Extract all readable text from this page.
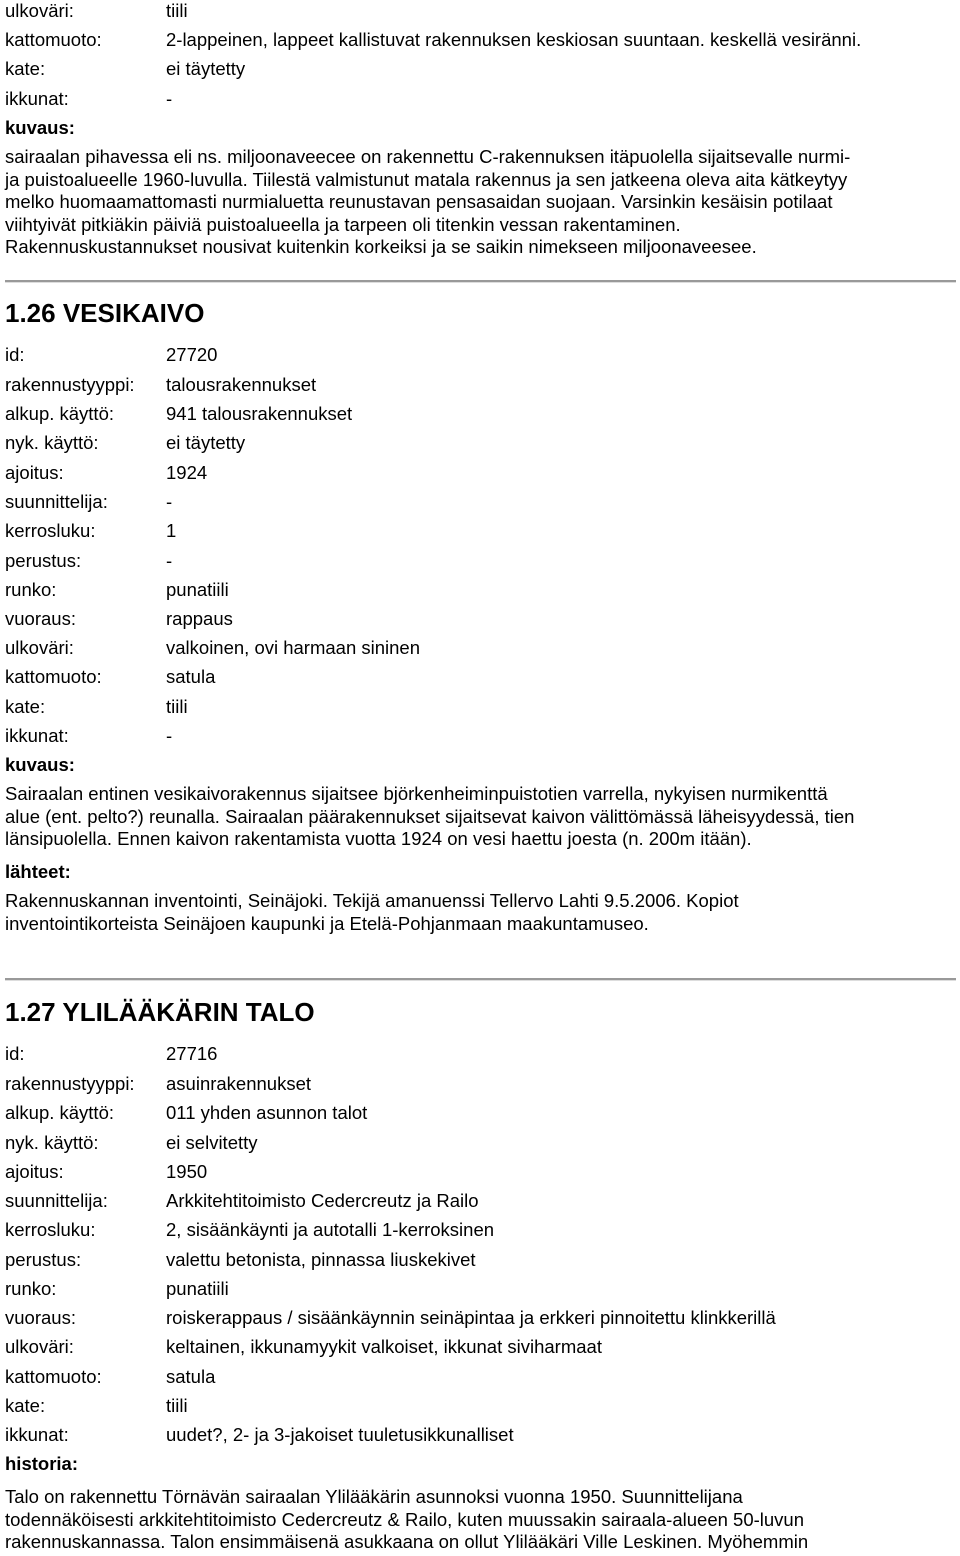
ulkoväri:	tiili
kattomuoto:	2-lappeinen, lappeet kallistuvat rakennuksen keskiosan suuntaan. keskellä vesiränni.
kate:	ei täytetty
ikkunat:	-
kuvaus:
sairaalan pihavessa eli ns. miljoonaveecee on rakennettu C-rakennuksen itäpuolella sijaitsevalle nurmi-
ja puistoalueelle 1960-luvulla. Tiilestä valmistunut matala rakennus ja sen jatkeena oleva aita kätkeytyy
melko huomaamattomasti nurmialuetta reunustavan pensasaidan suojaan. Varsinkin kesäisin potilaat
viihtyivät pitkiäkin päiviä puistoalueella ja tarpeen oli titenkin vessan rakentaminen.
Rakennuskustannukset nousivat kuitenkin korkeiksi ja se saikin nimekseen miljoonaveesee.
1.26 VESIKAIVO
id:	27720
rakennustyyppi: talousrakennukset
alkup. käyttö:	941 talousrakennukset
nyk. käyttö:	ei täytetty
ajoitus:	1924
suunnittelija:	-
kerrosluku:	1
perustus:	-
runko:	punatiili
vuoraus:	rappaus
ulkoväri:	valkoinen, ovi harmaan sininen
kattomuoto:	satula
kate:	tiili
ikkunat:	-
kuvaus:
Sairaalan entinen vesikaivorakennus sijaitsee björkenheiminpuistotien varrella, nykyisen nurmikenttä
alue (ent. pelto?) reunalla. Sairaalan päärakennukset sijaitsevat kaivon välittömässä läheisyydessä, tien
länsipuolella. Ennen kaivon rakentamista vuotta 1924 on vesi haettu joesta (n. 200m itään).
lähteet:
Rakennuskannan inventointi, Seinäjoki. Tekijä amanuenssi Tellervo Lahti 9.5.2006. Kopiot
inventointikorteista Seinäjoen kaupunki ja Etelä-Pohjanmaan maakuntamuseo.
1.27 YLILÄÄKÄRIN TALO
id:	27716
rakennustyyppi: asuinrakennukset
alkup. käyttö:	011 yhden asunnon talot
nyk. käyttö:	ei selvitetty
ajoitus:	1950
suunnittelija:	Arkkitehtitoimisto Cedercreutz ja Railo
kerrosluku:	2, sisäänkäynti ja autotalli 1-kerroksinen
perustus:	valettu betonista, pinnassa liuskekivet
runko:	punatiili
vuoraus:	roiskerappaus / sisäänkäynnin seinäpintaa ja erkkeri pinnoitettu klinkkerillä
ulkoväri:	keltainen, ikkunamyykit valkoiset, ikkunat siviharmaat
kattomuoto:	satula
kate:	tiili
ikkunat:	uudet?, 2- ja 3-jakoiset tuuletusikkunalliset
historia:
Talo on rakennettu Törnävän sairaalan Ylilääkärin asunnoksi vuonna 1950. Suunnittelijana
todennäköisesti arkkitehtitoimisto Cedercreutz & Railo, kuten muussakin sairaala-alueen 50-luvun
rakennuskannassa. Talon ensimmäisenä asukkaana on ollut Ylilääkäri Ville Leskinen. Myöhemmin
